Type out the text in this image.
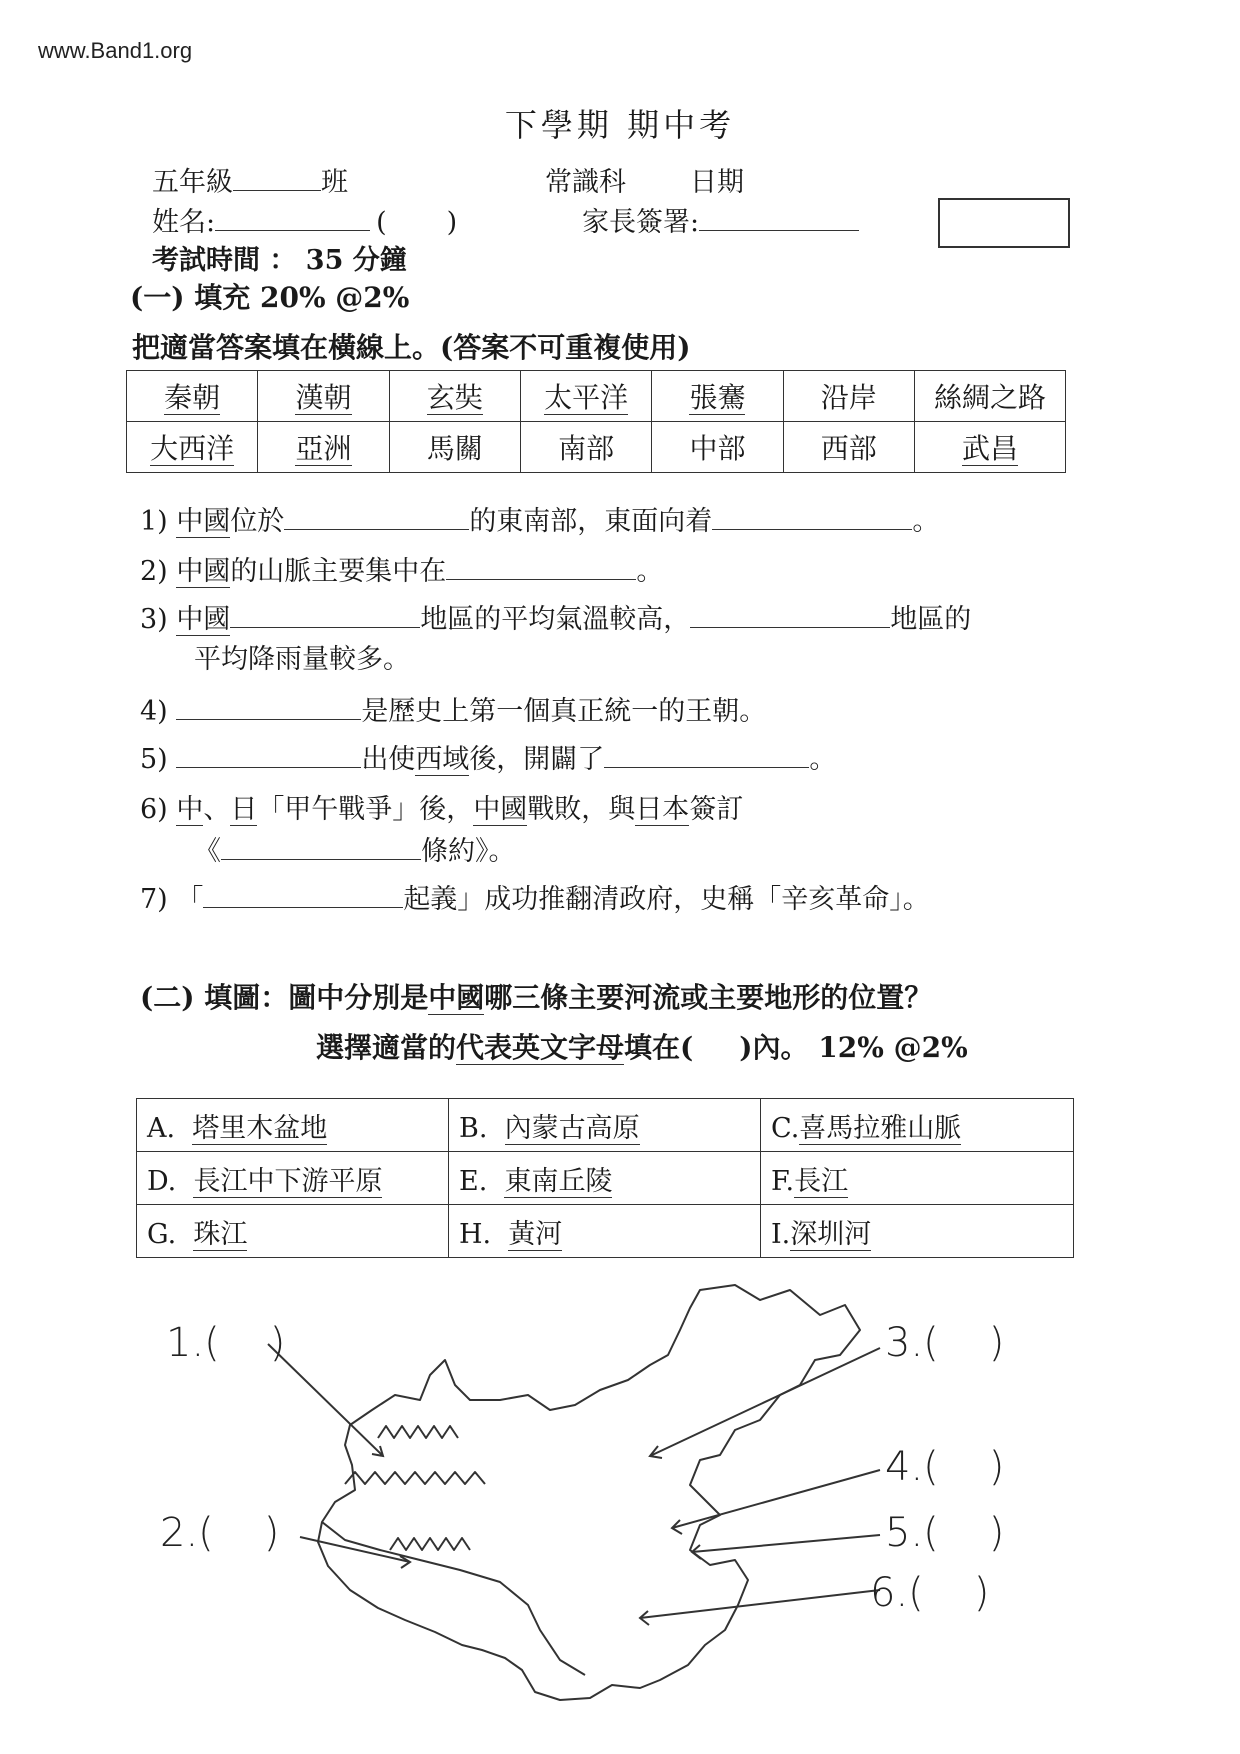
www.Band1.org
下學期 期中考
五年級	班	常識科 日期
姓名:	( )	家長簽署:
考試時間 ： 35 分鐘
(一) 填充 20% @2%
把適當答案填在橫線上。(答案不可重複使用)
秦朝	漢朝	玄奘	太平洋	張騫	沿岸	絲綢之路
大西洋	亞洲	馬關	南部	中部	西部	武昌
1) 中國位於	的東南部，東面向着	。
2) 中國的山脈主要集中在	。
3) 中國	地區的平均氣溫較高，	地區的
平均降雨量較多。
4)	是歷史上第一個真正統一的王朝。
5)	出使西域後，開闢了	。
6) 中、日「甲午戰爭」後，中國戰敗，與日本簽訂
《	條約》。
7) 「	起義」成功推翻清政府，史稱「辛亥革命」。
(二) 填圖：圖中分別是中國哪三條主要河流或主要地形的位置？
選擇適當的代表英文字母填在( )內。 12% @2%
A. 塔里木盆地	B. 內蒙古高原	C.喜馬拉雅山脈
D. 長江中下游平原	E. 東南丘陵	F.長江
G. 珠江	H. 黃河	I.深圳河
1.( )
2.( )
3.( )
4.( )
5.( )
6.( )
